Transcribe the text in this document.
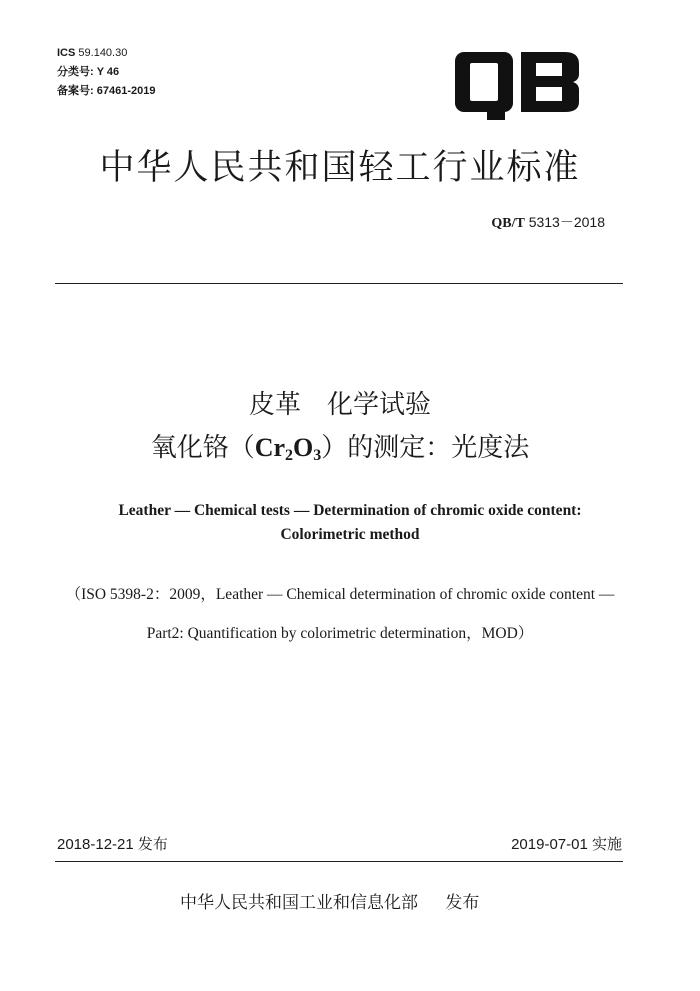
ICS 59.140.30
分类号: Y 46
备案号: 67461-2019
中华人民共和国轻工行业标准
QB/T 5313－2018
皮革　化学试验
氧化铬$(Cr_2O_3)$的测定：光度法
Leather — Chemical tests — Determination of chromic oxide content:
Colorimetric method
（ISO 5398-2：2009，Leather — Chemical determination of chromic oxide content —
Part2: Quantification by colorimetric determination，MOD）
2018-12-21 发布	2019-07-01 实施
中华人民共和国工业和信息化部 发布
